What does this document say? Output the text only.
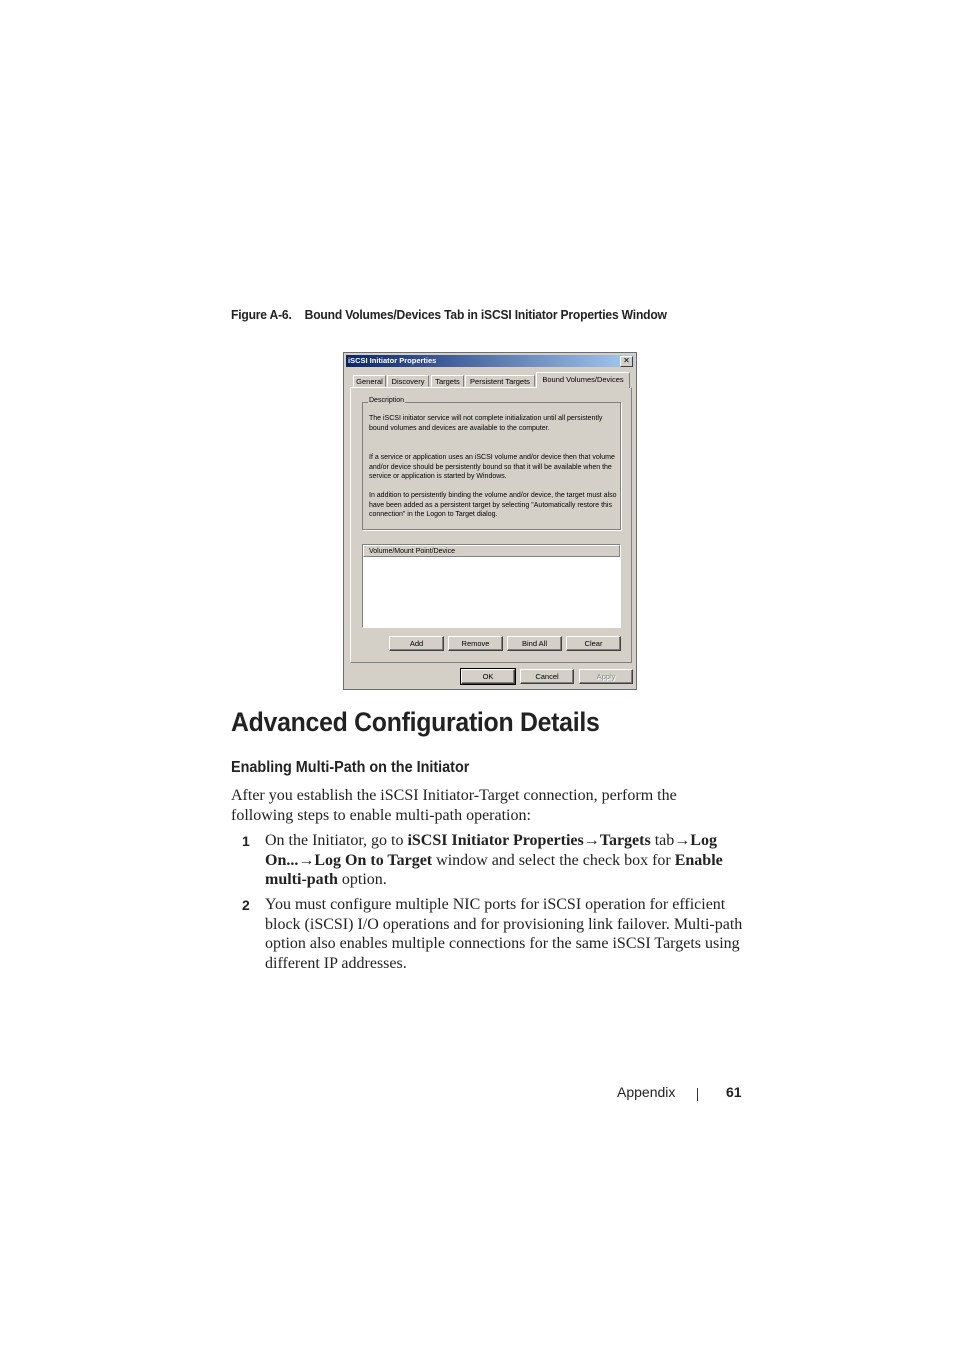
Figure A-6. Bound Volumes/Devices Tab in iSCSI Initiator Properties Window
iSCSI Initiator Properties	✕
General	Discovery	Targets	Persistent Targets	Bound Volumes/Devices
Description
The iSCSI initiator service will not complete initialization until all persistently bound volumes and devices are available to the computer.
If a service or application uses an iSCSI volume and/or device then that volume and/or device should be persistently bound so that it will be available when the service or application is started by Windows.
In addition to persistently binding the volume and/or device, the target must also have been added as a persistent target by selecting "Automatically restore this connection" in the Logon to Target dialog.
Volume/Mount Point/Device
Add	Remove	Bind All	Clear
OK	Cancel	Apply
Advanced Configuration Details
Enabling Multi-Path on the Initiator
After you establish the iSCSI Initiator-Target connection, perform the following steps to enable multi-path operation:
1 On the Initiator, go to iSCSI Initiator Properties→Targets tab→Log On...→Log On to Target window and select the check box for Enable multi-path option.
2 You must configure multiple NIC ports for iSCSI operation for efficient block (iSCSI) I/O operations and for provisioning link failover. Multi-path option also enables multiple connections for the same iSCSI Targets using different IP addresses.
Appendix	61
